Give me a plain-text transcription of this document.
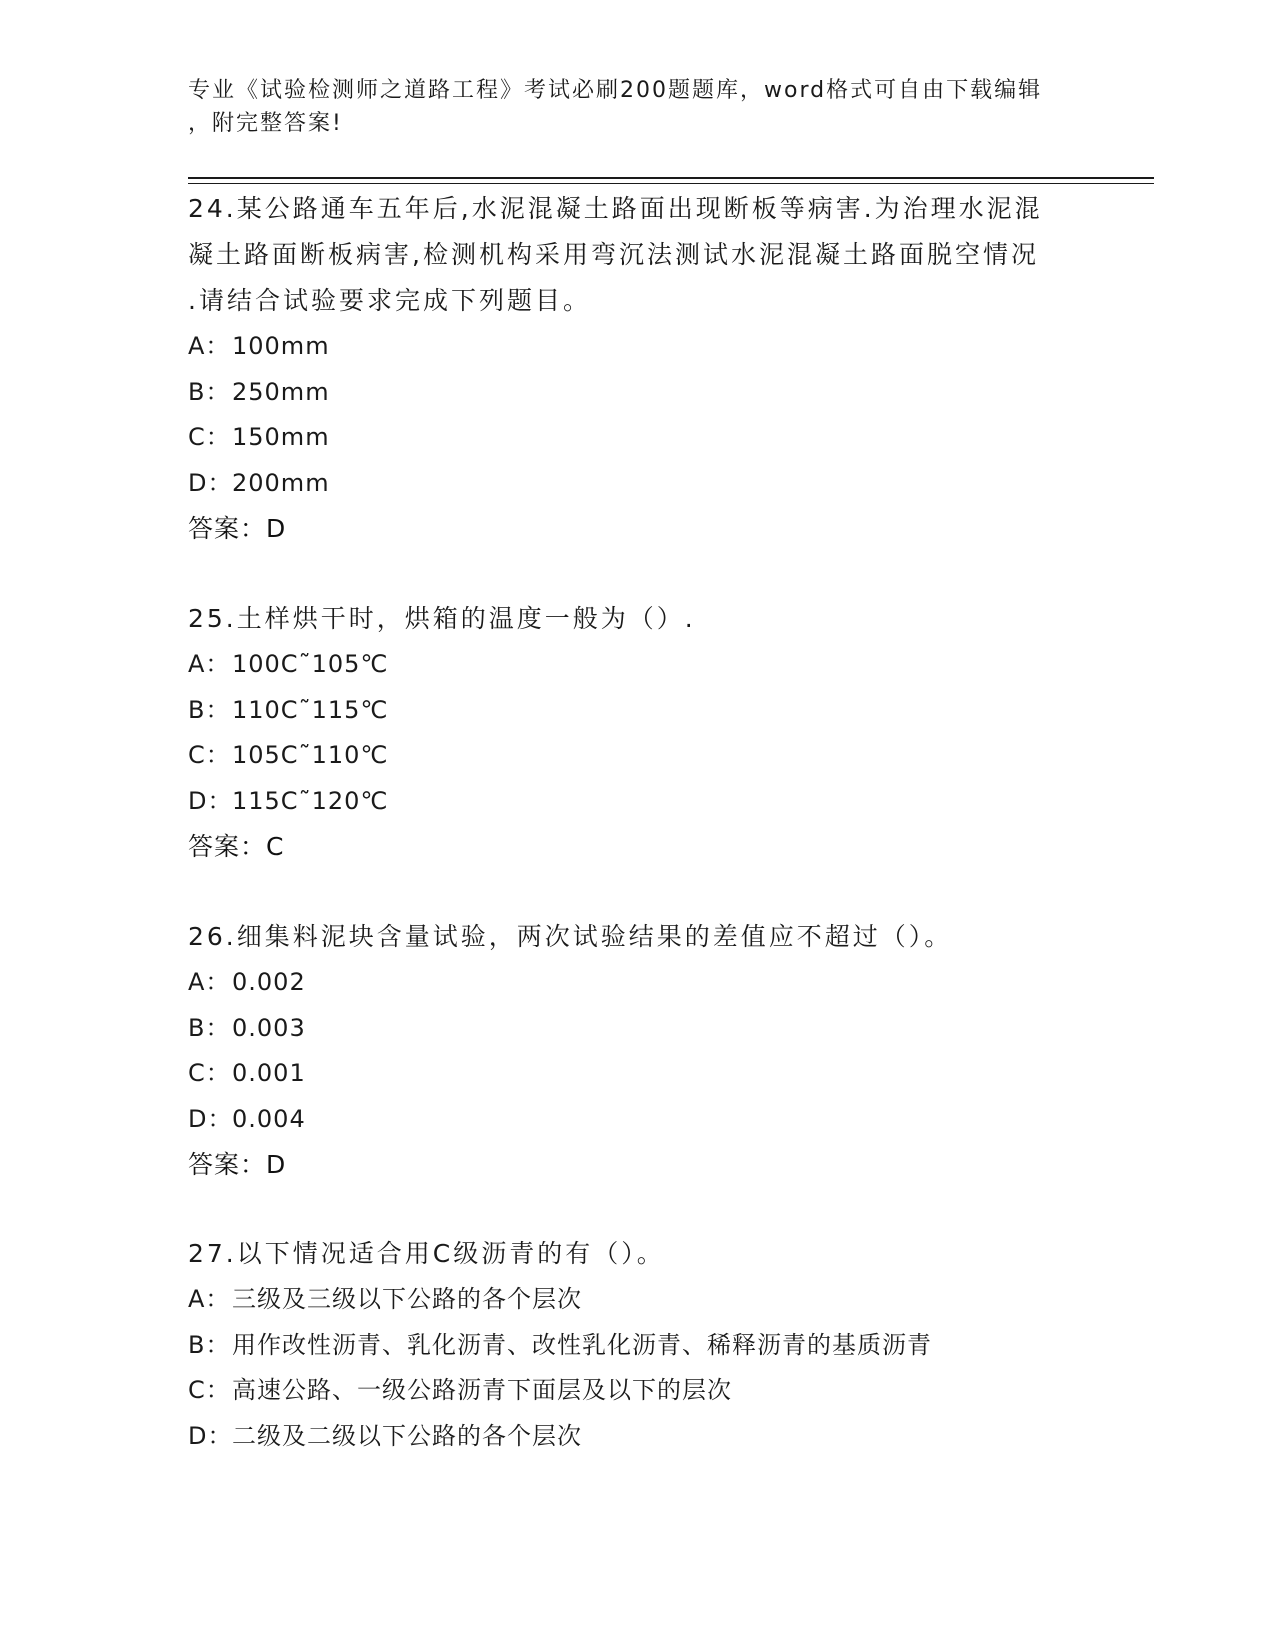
专业《试验检测师之道路工程》考试必刷200题题库，word格式可自由下载编辑
，附完整答案!
24.某公路通车五年后,水泥混凝土路面出现断板等病害.为治理水泥混
凝土路面断板病害,检测机构采用弯沉法测试水泥混凝土路面脱空情况
.请结合试验要求完成下列题目。
A：100mm
B：250mm
C：150mm
D：200mm
答案：D
25.土样烘干时，烘箱的温度一般为（）.
A：100C˜105℃
B：110C˜115℃
C：105C˜110℃
D：115C˜120℃
答案：C
26.细集料泥块含量试验，两次试验结果的差值应不超过（）。
A：0.002
B：0.003
C：0.001
D：0.004
答案：D
27.以下情况适合用C级沥青的有（）。
A：三级及三级以下公路的各个层次
B：用作改性沥青、乳化沥青、改性乳化沥青、稀释沥青的基质沥青
C：高速公路、一级公路沥青下面层及以下的层次
D：二级及二级以下公路的各个层次
